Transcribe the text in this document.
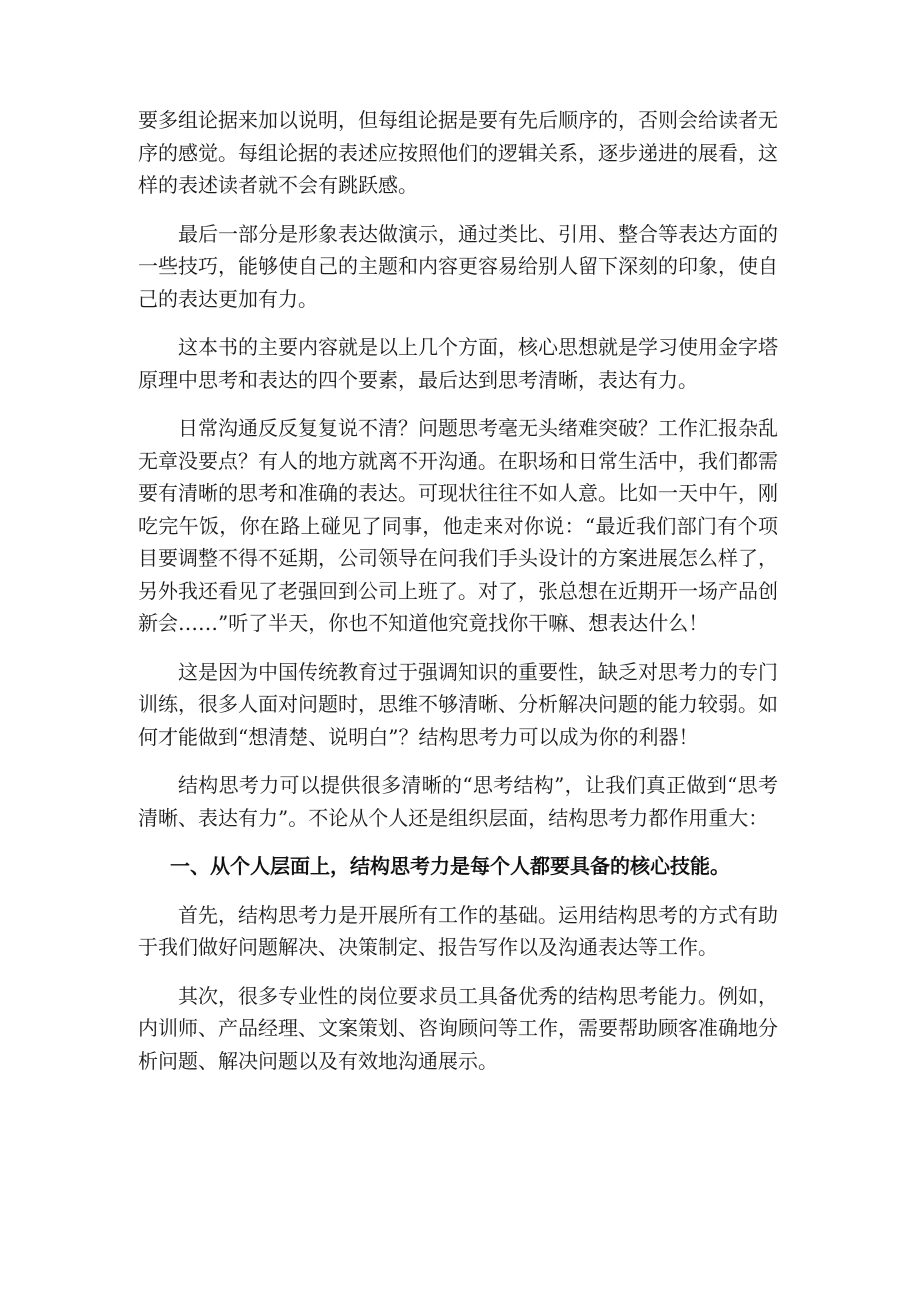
要多组论据来加以说明，但每组论据是要有先后顺序的，否则会给读者无序的感觉。每组论据的表述应按照他们的逻辑关系，逐步递进的展看，这样的表述读者就不会有跳跃感。

最后一部分是形象表达做演示，通过类比、引用、整合等表达方面的一些技巧，能够使自己的主题和内容更容易给别人留下深刻的印象，使自己的表达更加有力。

这本书的主要内容就是以上几个方面，核心思想就是学习使用金字塔原理中思考和表达的四个要素，最后达到思考清晰，表达有力。

日常沟通反反复复说不清？问题思考毫无头绪难突破？工作汇报杂乱无章没要点？有人的地方就离不开沟通。在职场和日常生活中，我们都需要有清晰的思考和准确的表达。可现状往往不如人意。比如一天中午，刚吃完午饭，你在路上碰见了同事，他走来对你说：“最近我们部门有个项目要调整不得不延期，公司领导在问我们手头设计的方案进展怎么样了，另外我还看见了老强回到公司上班了。对了，张总想在近期开一场产品创新会……”听了半天，你也不知道他究竟找你干嘛、想表达什么！

这是因为中国传统教育过于强调知识的重要性，缺乏对思考力的专门训练，很多人面对问题时，思维不够清晰、分析解决问题的能力较弱。如何才能做到“想清楚、说明白”？结构思考力可以成为你的利器！

结构思考力可以提供很多清晰的“思考结构”，让我们真正做到“思考清晰、表达有力”。不论从个人还是组织层面，结构思考力都作用重大：

一、从个人层面上，结构思考力是每个人都要具备的核心技能。

首先，结构思考力是开展所有工作的基础。运用结构思考的方式有助于我们做好问题解决、决策制定、报告写作以及沟通表达等工作。

其次，很多专业性的岗位要求员工具备优秀的结构思考能力。例如，内训师、产品经理、文案策划、咨询顾问等工作，需要帮助顾客准确地分析问题、解决问题以及有效地沟通展示。
